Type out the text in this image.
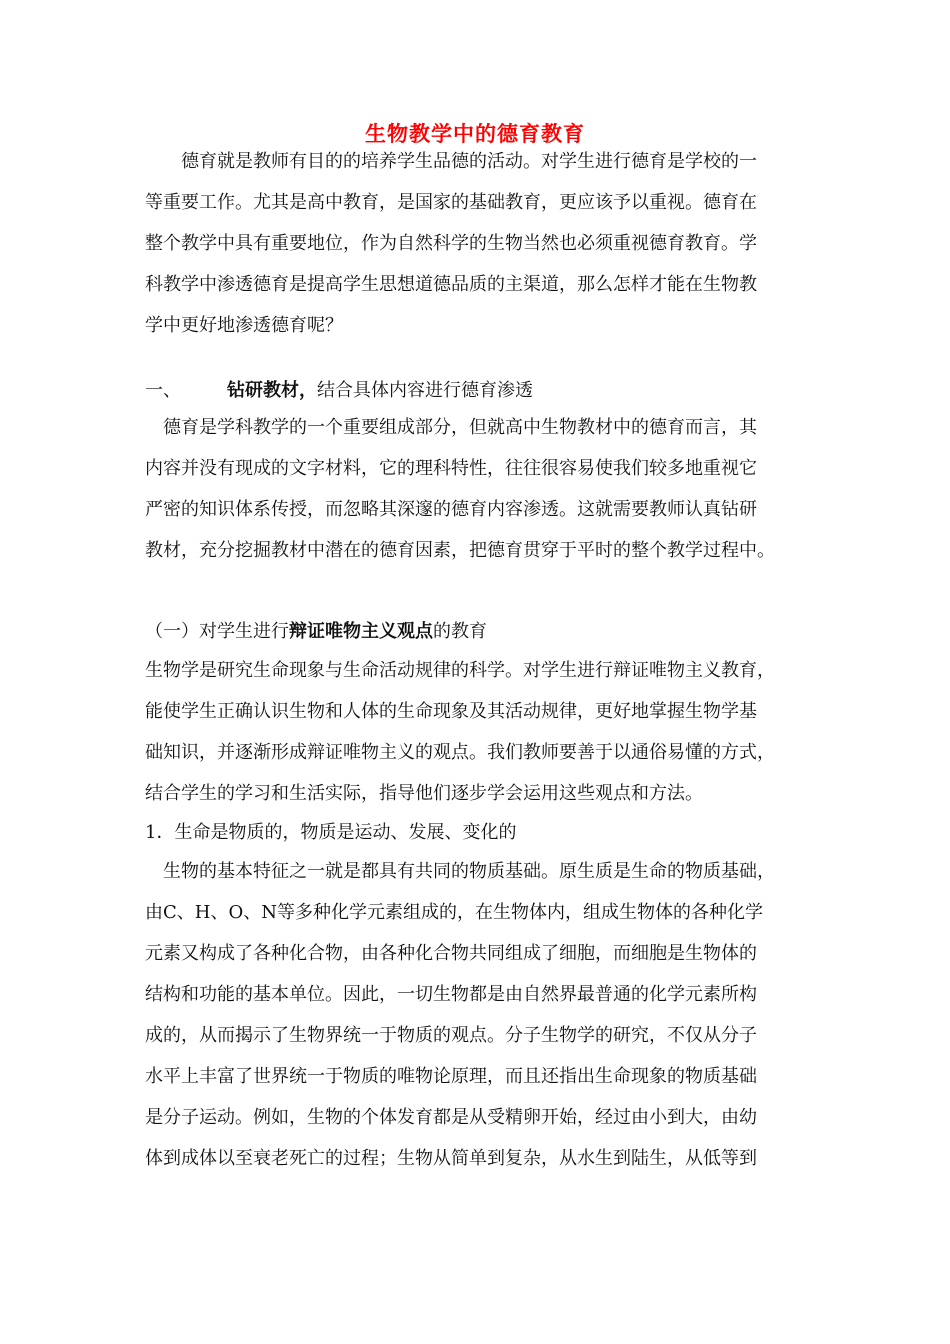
生物教学中的德育教育
德育就是教师有目的的培养学生品德的活动。对学生进行德育是学校的一
等重要工作。尤其是高中教育，是国家的基础教育，更应该予以重视。德育在
整个教学中具有重要地位，作为自然科学的生物当然也必须重视德育教育。学
科教学中渗透德育是提高学生思想道德品质的主渠道，那么怎样才能在生物教
学中更好地渗透德育呢？
一、	钻研教材，结合具体内容进行德育渗透
德育是学科教学的一个重要组成部分，但就高中生物教材中的德育而言，其
内容并没有现成的文字材料，它的理科特性，往往很容易使我们较多地重视它
严密的知识体系传授，而忽略其深邃的德育内容渗透。这就需要教师认真钻研
教材，充分挖掘教材中潜在的德育因素，把德育贯穿于平时的整个教学过程中。
（一）对学生进行辩证唯物主义观点的教育
生物学是研究生命现象与生命活动规律的科学。对学生进行辩证唯物主义教育，
能使学生正确认识生物和人体的生命现象及其活动规律，更好地掌握生物学基
础知识，并逐渐形成辩证唯物主义的观点。我们教师要善于以通俗易懂的方式，
结合学生的学习和生活实际，指导他们逐步学会运用这些观点和方法。
1．生命是物质的，物质是运动、发展、变化的
生物的基本特征之一就是都具有共同的物质基础。原生质是生命的物质基础，
由C、H、O、N等多种化学元素组成的，在生物体内，组成生物体的各种化学
元素又构成了各种化合物，由各种化合物共同组成了细胞，而细胞是生物体的
结构和功能的基本单位。因此，一切生物都是由自然界最普通的化学元素所构
成的，从而揭示了生物界统一于物质的观点。分子生物学的研究，不仅从分子
水平上丰富了世界统一于物质的唯物论原理，而且还指出生命现象的物质基础
是分子运动。例如，生物的个体发育都是从受精卵开始，经过由小到大，由幼
体到成体以至衰老死亡的过程；生物从简单到复杂，从水生到陆生，从低等到
